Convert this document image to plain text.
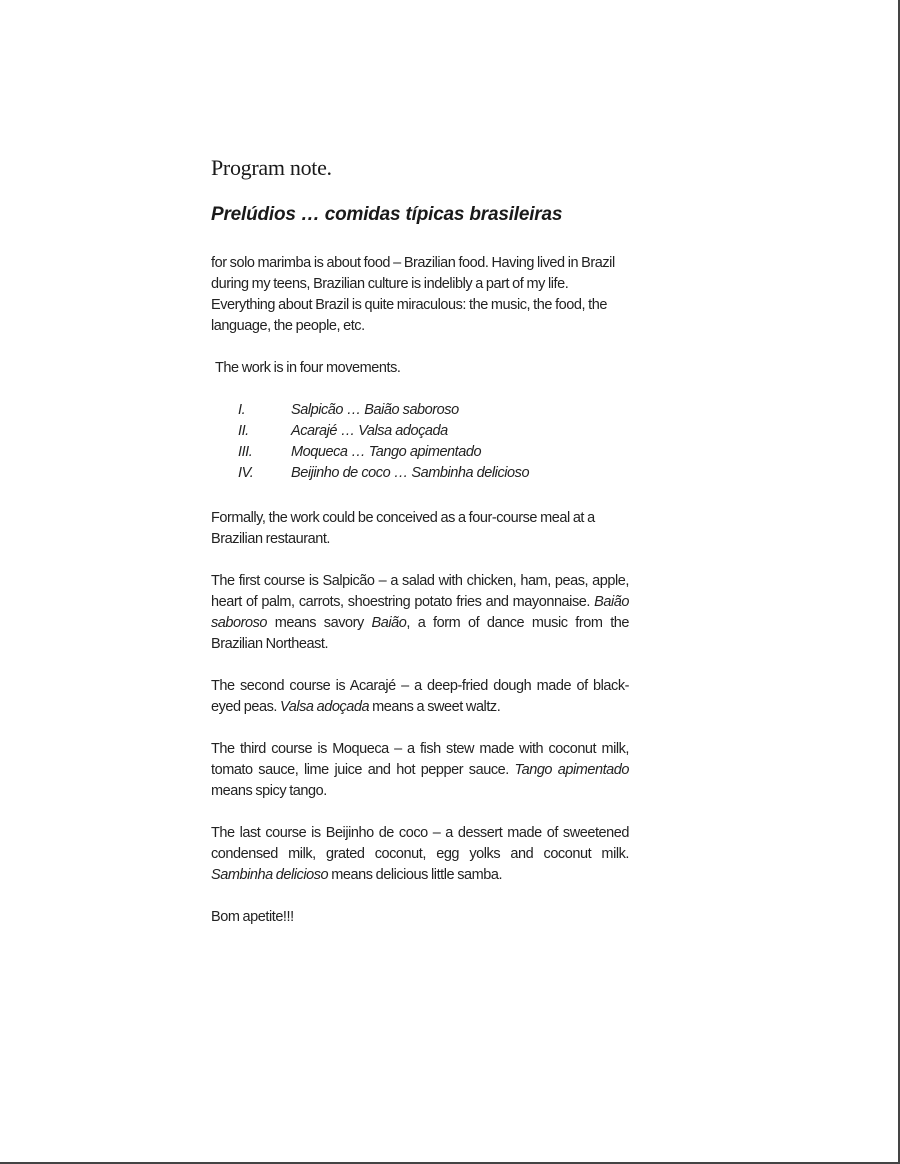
Program note.
Prelúdios … comidas típicas brasileiras

for solo marimba is about food – Brazilian food. Having lived in Brazil during my teens, Brazilian culture is indelibly a part of my life. Everything about Brazil is quite miraculous: the music, the food, the language, the people, etc.

The work is in four movements.

I.	Salpicão … Baião saboroso
II.	Acarajé … Valsa adoçada
III.	Moqueca … Tango apimentado
IV.	Beijinho de coco … Sambinha delicioso

Formally, the work could be conceived as a four-course meal at a Brazilian restaurant.

The first course is Salpicão – a salad with chicken, ham, peas, apple, heart of palm, carrots, shoestring potato fries and mayonnaise. Baião saboroso means savory Baião, a form of dance music from the Brazilian Northeast.

The second course is Acarajé – a deep-fried dough made of black-eyed peas. Valsa adoçada means a sweet waltz.

The third course is Moqueca – a fish stew made with coconut milk, tomato sauce, lime juice and hot pepper sauce. Tango apimentado means spicy tango.

The last course is Beijinho de coco – a dessert made of sweetened condensed milk, grated coconut, egg yolks and coconut milk. Sambinha delicioso means delicious little samba.

Bom apetite!!!
